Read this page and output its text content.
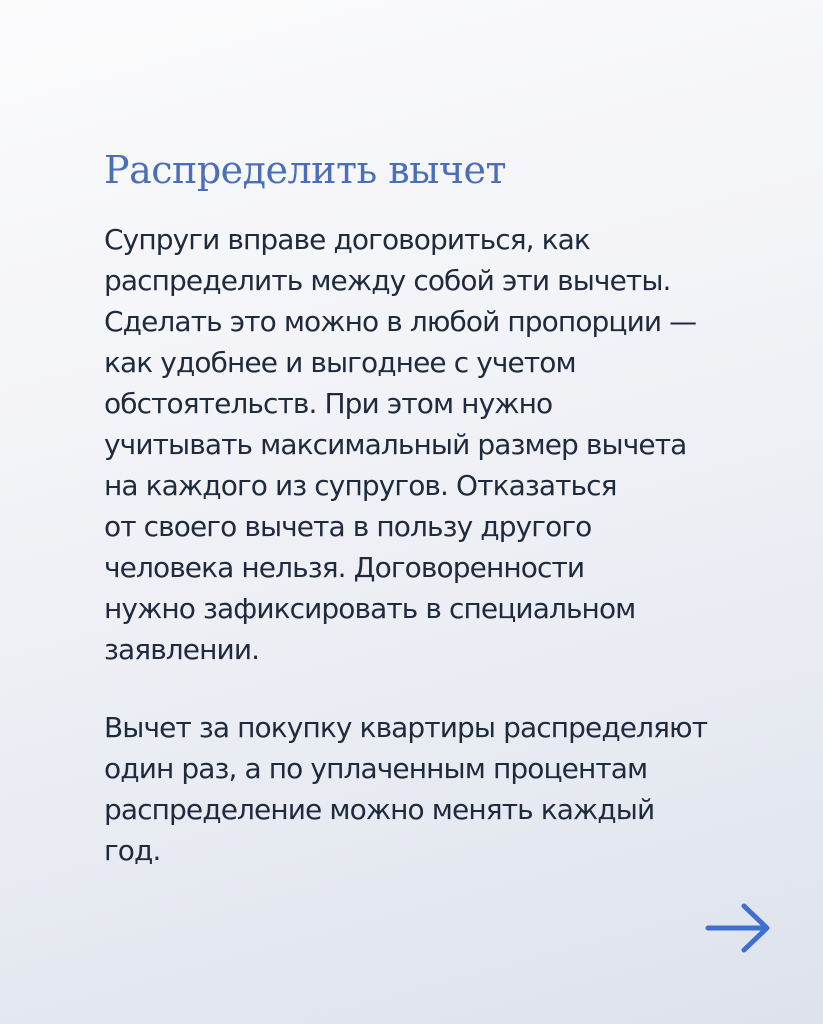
Распределить вычет

Супруги вправе договориться, как
распределить между собой эти вычеты.
Сделать это можно в любой пропорции —
как удобнее и выгоднее с учетом
обстоятельств. При этом нужно
учитывать максимальный размер вычета
на каждого из супругов. Отказаться
от своего вычета в пользу другого
человека нельзя. Договоренности
нужно зафиксировать в специальном
заявлении.

Вычет за покупку квартиры распределяют
один раз, а по уплаченным процентам
распределение можно менять каждый
год.
